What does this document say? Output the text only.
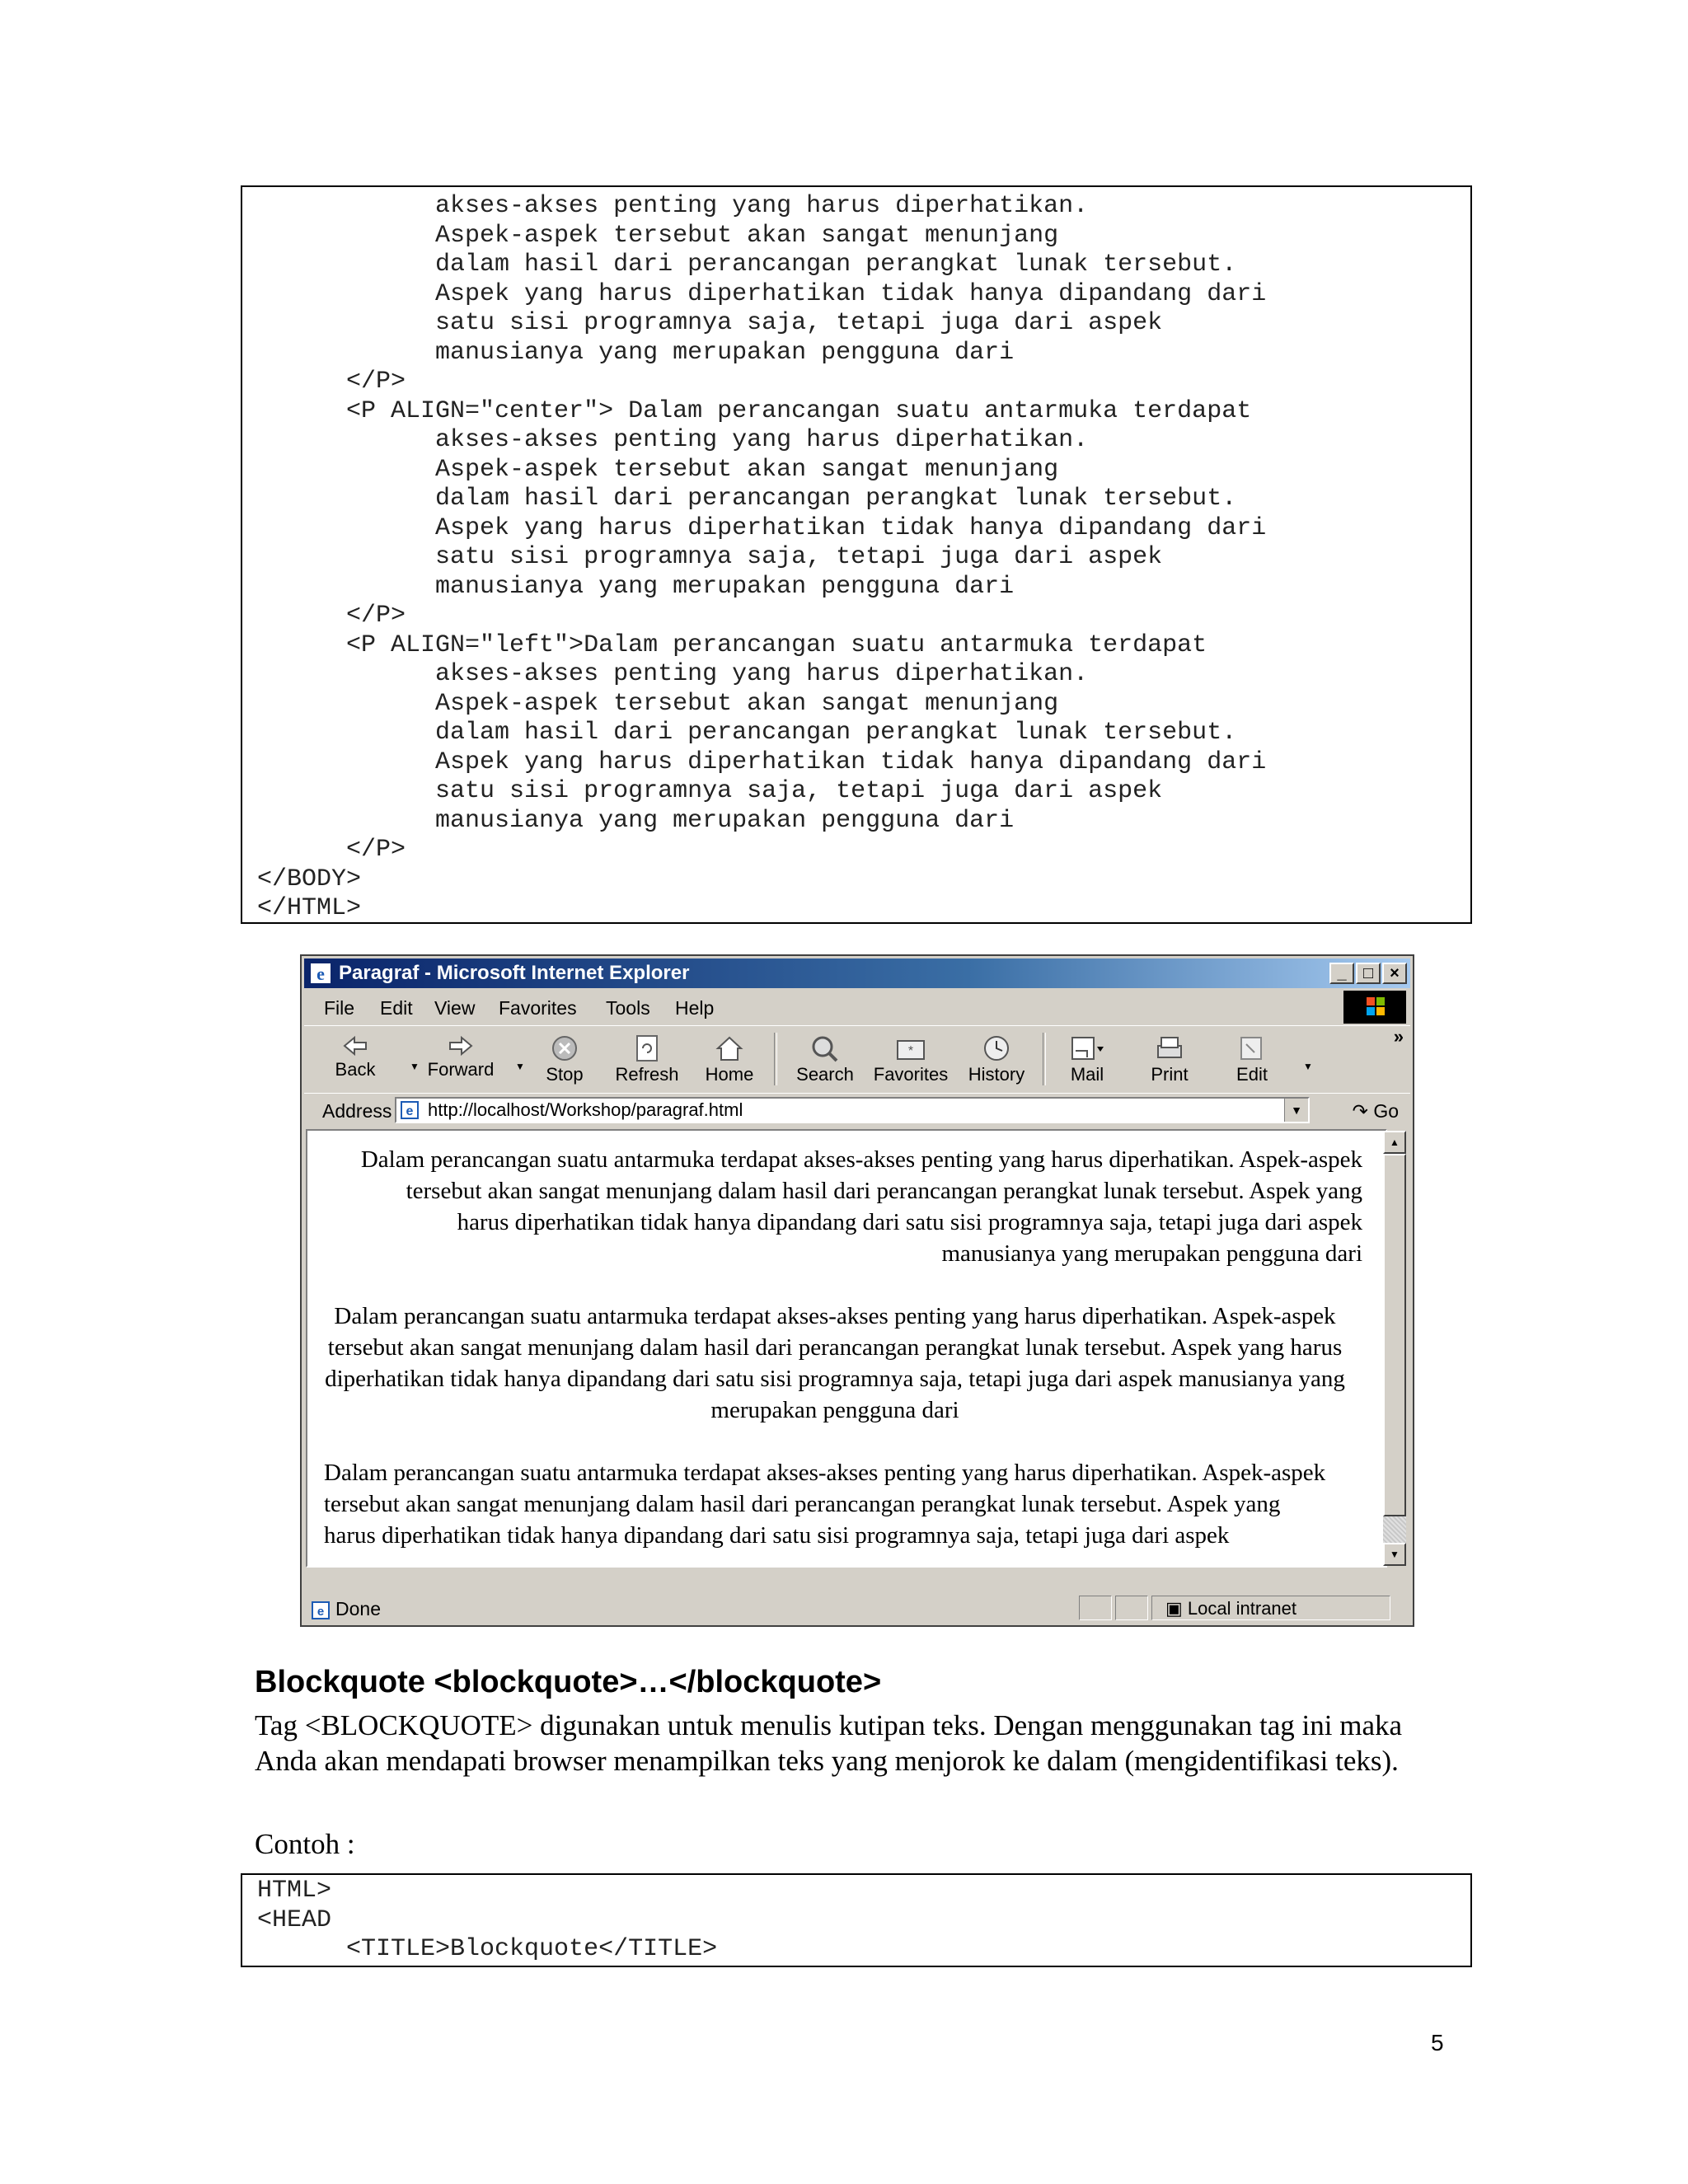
akses-akses penting yang harus diperhatikan.
Aspek-aspek tersebut akan sangat menunjang
dalam hasil dari perancangan perangkat lunak tersebut.
Aspek yang harus diperhatikan tidak hanya dipandang dari
satu sisi programnya saja, tetapi juga dari aspek
manusianya yang merupakan pengguna dari
</P>
<P ALIGN="center"> Dalam perancangan suatu antarmuka terdapat
akses-akses penting yang harus diperhatikan.
Aspek-aspek tersebut akan sangat menunjang
dalam hasil dari perancangan perangkat lunak tersebut.
Aspek yang harus diperhatikan tidak hanya dipandang dari
satu sisi programnya saja, tetapi juga dari aspek
manusianya yang merupakan pengguna dari
</P>
<P ALIGN="left">Dalam perancangan suatu antarmuka terdapat
akses-akses penting yang harus diperhatikan.
Aspek-aspek tersebut akan sangat menunjang
dalam hasil dari perancangan perangkat lunak tersebut.
Aspek yang harus diperhatikan tidak hanya dipandang dari
satu sisi programnya saja, tetapi juga dari aspek
manusianya yang merupakan pengguna dari
</P>
</BODY>
</HTML>
e Paragraf - Microsoft Internet Explorer	_	□	×
File Edit View Favorites Tools Help
Back	▼ Forward	▼	Stop	Refresh	Home	Search
*
Favorites	History	Mail	Print	Edit	▼
»
Address e http://localhost/Workshop/paragraf.html	▼	↷ Go

Dalam perancangan suatu antarmuka terdapat akses-akses penting yang harus diperhatikan. Aspek-aspek tersebut akan sangat menunjang dalam hasil dari perancangan perangkat lunak tersebut. Aspek yang harus diperhatikan tidak hanya dipandang dari satu sisi programnya saja, tetapi juga dari aspek manusianya yang merupakan pengguna dari

Dalam perancangan suatu antarmuka terdapat akses-akses penting yang harus diperhatikan. Aspek-aspek tersebut akan sangat menunjang dalam hasil dari perancangan perangkat lunak tersebut. Aspek yang harus diperhatikan tidak hanya dipandang dari satu sisi programnya saja, tetapi juga dari aspek manusianya yang merupakan pengguna dari

Dalam perancangan suatu antarmuka terdapat akses-akses penting yang harus diperhatikan. Aspek-aspek tersebut akan sangat menunjang dalam hasil dari perancangan perangkat lunak tersebut. Aspek yang harus diperhatikan tidak hanya dipandang dari satu sisi programnya saja, tetapi juga dari aspek

▲
▼
e Done	▣ Local intranet
Blockquote <blockquote>…</blockquote>

Tag <BLOCKQUOTE> digunakan untuk menulis kutipan teks. Dengan menggunakan tag ini maka Anda akan mendapati browser menampilkan teks yang menjorok ke dalam (mengidentifikasi teks).

Contoh :
HTML>
<HEAD
<TITLE>Blockquote</TITLE>
5
